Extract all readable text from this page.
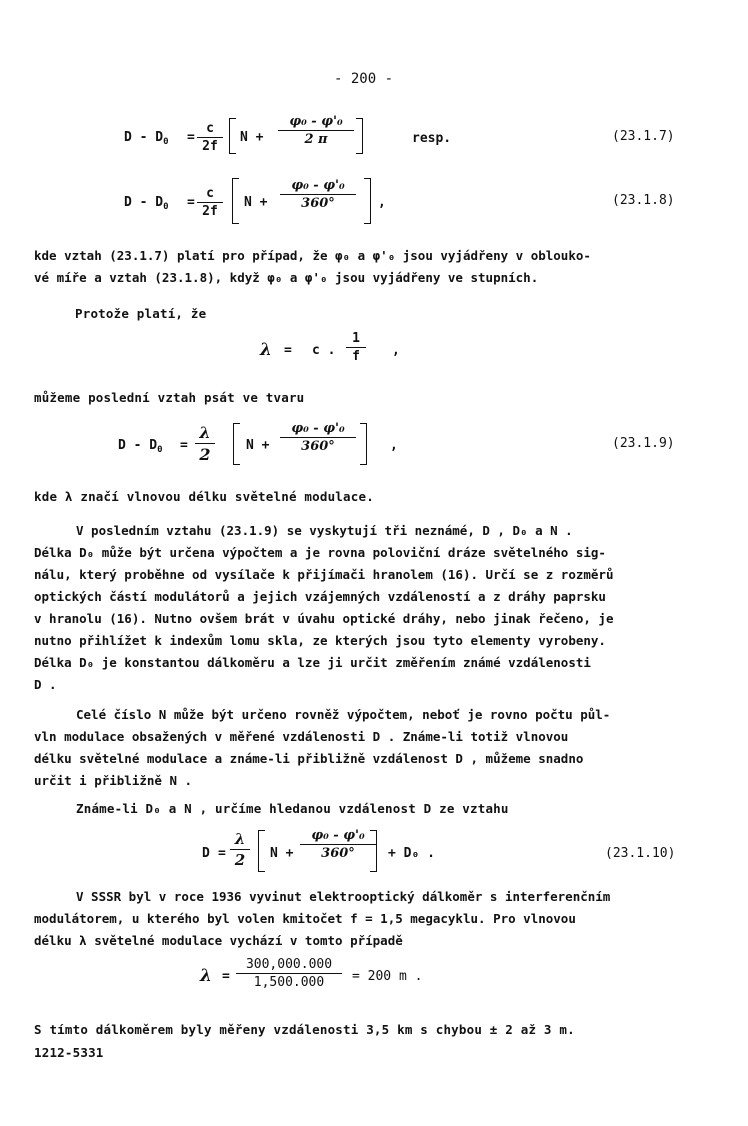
- 200 -
$D - D_0 = \frac{c}{2f}$ $N + \frac{\text{φ₀ - φ'₀}}{2 \pi}$	resp.	(23.1.7)
$D - D_0 = \frac{c}{2f}$ $N + \frac{\text{φ₀ - φ'₀}}{360^\circ}$ ,	(23.1.8)
kde vztah (23.1.7) platí pro případ, že φ₀ a φ'₀ jsou vyjádřeny v oblouko-
vé míře a vztah (23.1.8), když φ₀ a φ'₀ jsou vyjádřeny ve stupních.
Protože platí, že
λ = c . $\frac{1}{f}$ ,
můžeme poslední vztah psát ve tvaru
$D - D_0 = \frac{\lambda}{2}$ $N + \frac{\text{φ₀ - φ'₀}}{360^\circ}$	,	(23.1.9)
kde λ značí vlnovou délku světelné modulace.
V posledním vztahu (23.1.9) se vyskytují tři neznámé, D , D₀ a N .
Délka D₀ může být určena výpočtem a je rovna poloviční dráze světelného sig-
nálu, který proběhne od vysílače k přijímači hranolem (16). Určí se z rozměrů
optických částí modulátorů a jejich vzájemných vzdáleností a z dráhy paprsku
v hranolu (16). Nutno ovšem brát v úvahu optické dráhy, nebo jinak řečeno, je
nutno přihlížet k indexům lomu skla, ze kterých jsou tyto elementy vyrobeny.
Délka D₀ je konstantou dálkoměru a lze ji určit změřením známé vzdálenosti
D .
Celé číslo N může být určeno rovněž výpočtem, neboť je rovno počtu půl-
vln modulace obsažených v měřené vzdálenosti D . Známe-li totiž vlnovou
délku světelné modulace a známe-li přibližně vzdálenost D , můžeme snadno
určit i přibližně N .
Známe-li D₀ a N , určíme hledanou vzdálenost D ze vztahu
$D = \frac{\lambda}{2}$ $N + \frac{\text{φ₀ - φ'₀}}{360^\circ} + D_0$ .	(23.1.10)
V SSSR byl v roce 1936 vyvinut elektrooptický dálkoměr s interferenčním
modulátorem, u kterého byl volen kmitočet f = 1,5 megacyklu. Pro vlnovou
délku λ světelné modulace vychází v tomto případě
$\lambda = \frac{300,000.000}{1,500.000} = 200$ m .
S tímto dálkoměrem byly měřeny vzdálenosti 3,5 km s chybou ± 2 až 3 m.
1212-5331
